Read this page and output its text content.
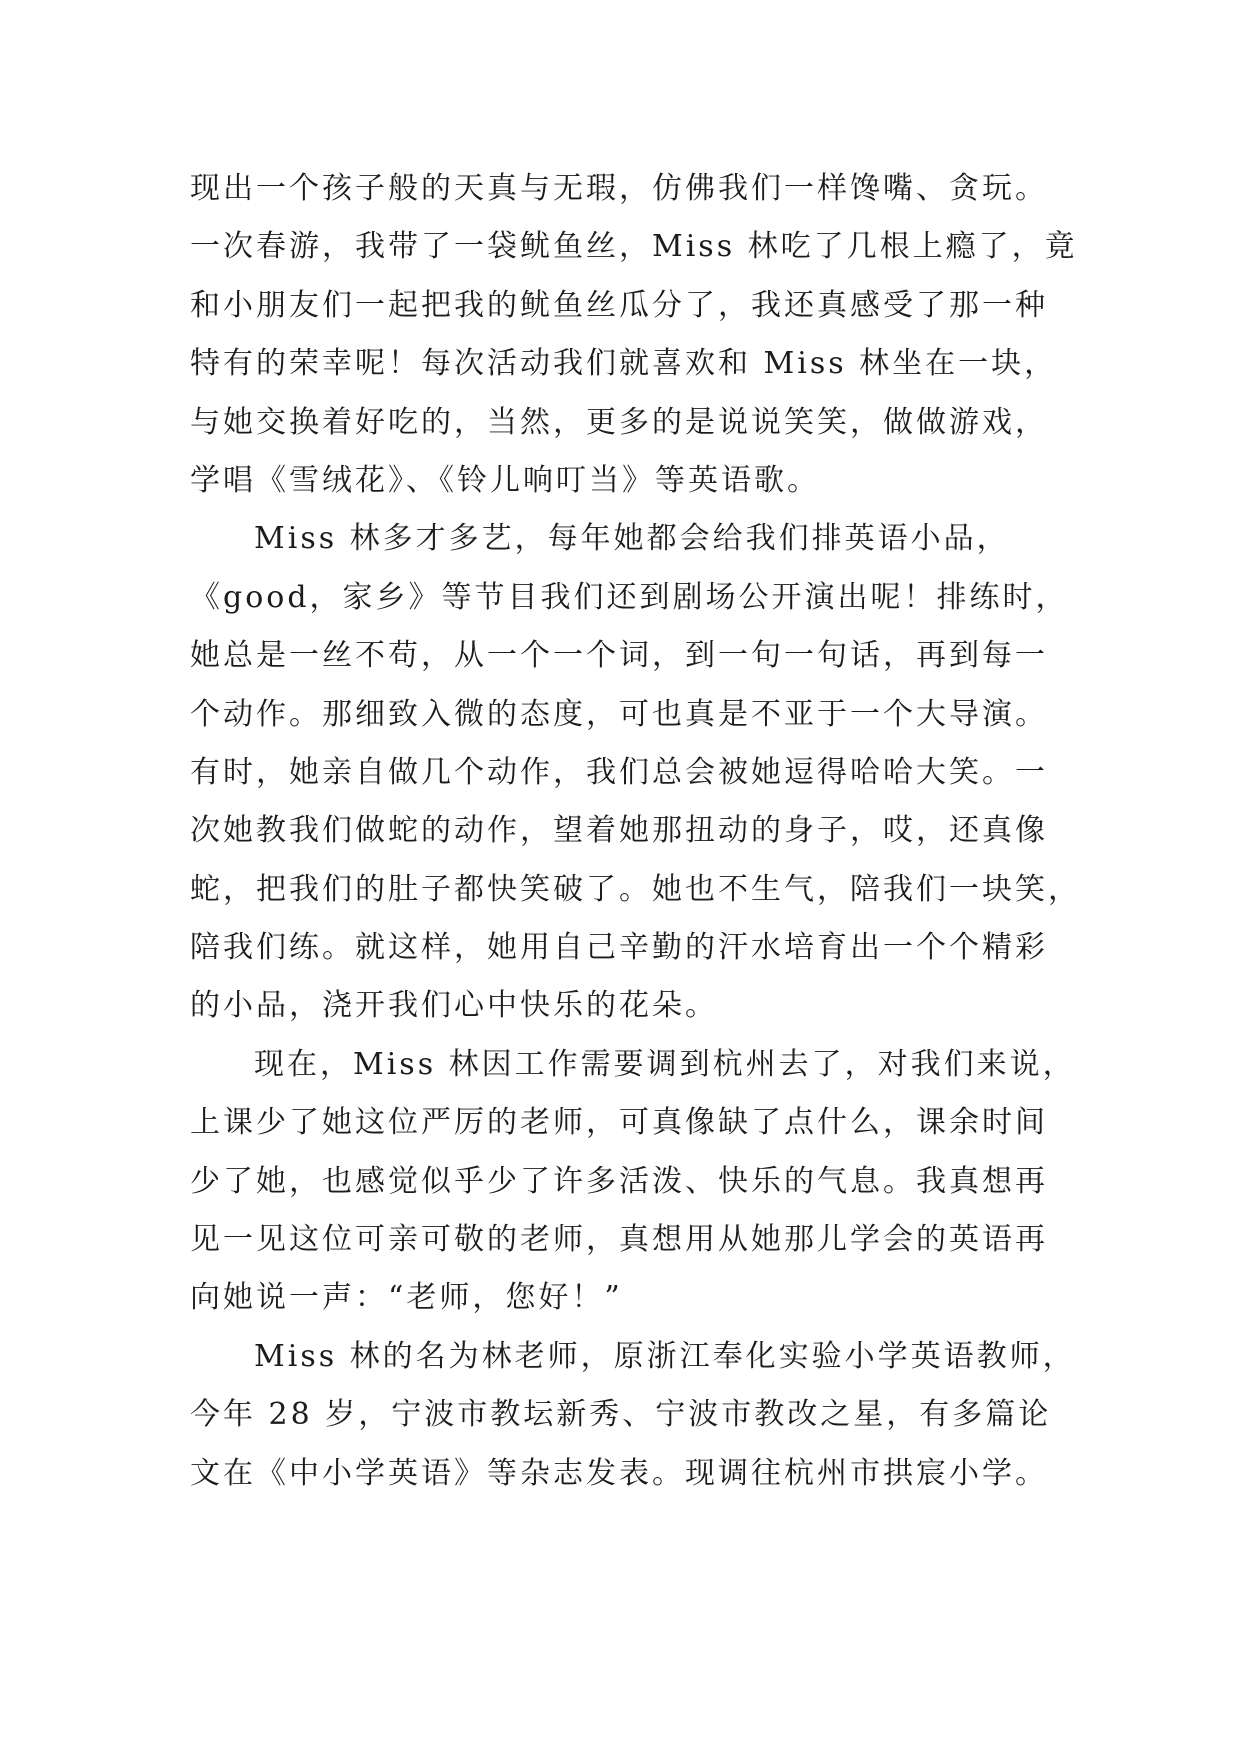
现出一个孩子般的天真与无瑕，仿佛我们一样馋嘴、贪玩。
一次春游，我带了一袋鱿鱼丝，Miss 林吃了几根上瘾了，竟
和小朋友们一起把我的鱿鱼丝瓜分了，我还真感受了那一种
特有的荣幸呢！每次活动我们就喜欢和 Miss 林坐在一块，
与她交换着好吃的，当然，更多的是说说笑笑，做做游戏，
学唱《雪绒花》、《铃儿响叮当》等英语歌。
Miss 林多才多艺，每年她都会给我们排英语小品，
《good，家乡》等节目我们还到剧场公开演出呢！排练时，
她总是一丝不苟，从一个一个词，到一句一句话，再到每一
个动作。那细致入微的态度，可也真是不亚于一个大导演。
有时，她亲自做几个动作，我们总会被她逗得哈哈大笑。一
次她教我们做蛇的动作，望着她那扭动的身子，哎，还真像
蛇，把我们的肚子都快笑破了。她也不生气，陪我们一块笑，
陪我们练。就这样，她用自己辛勤的汗水培育出一个个精彩
的小品，浇开我们心中快乐的花朵。
现在，Miss 林因工作需要调到杭州去了，对我们来说，
上课少了她这位严厉的老师，可真像缺了点什么，课余时间
少了她，也感觉似乎少了许多活泼、快乐的气息。我真想再
见一见这位可亲可敬的老师，真想用从她那儿学会的英语再
向她说一声：“老师，您好！”
Miss 林的名为林老师，原浙江奉化实验小学英语教师，
今年 28 岁，宁波市教坛新秀、宁波市教改之星，有多篇论
文在《中小学英语》等杂志发表。现调往杭州市拱宸小学。
